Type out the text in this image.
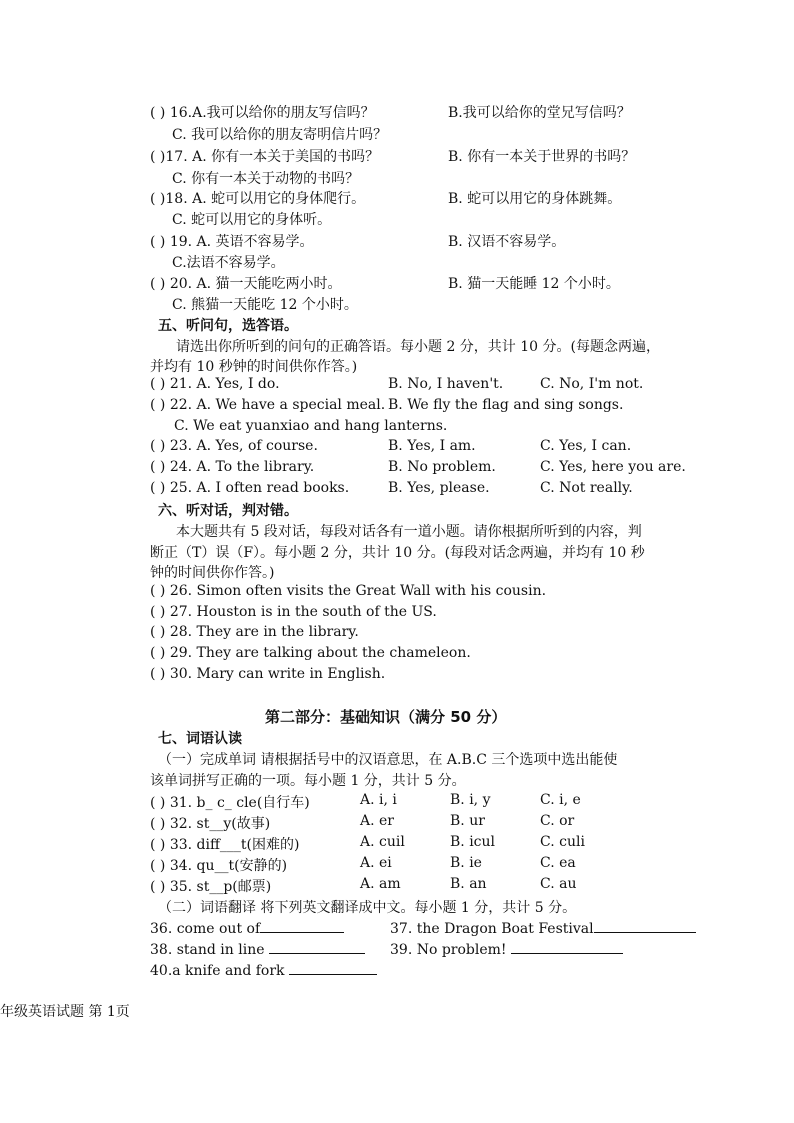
( ) 16.A.我可以给你的朋友写信吗？	B.我可以给你的堂兄写信吗？
C. 我可以给你的朋友寄明信片吗？
( )17. A. 你有一本关于美国的书吗？	B. 你有一本关于世界的书吗？
C. 你有一本关于动物的书吗？
( )18. A. 蛇可以用它的身体爬行。	B. 蛇可以用它的身体跳舞。
C. 蛇可以用它的身体听。
( ) 19. A. 英语不容易学。	B. 汉语不容易学。
C.法语不容易学。
( ) 20. A. 猫一天能吃两小时。	B. 猫一天能睡 12 个小时。
C. 熊猫一天能吃 12 个小时。
五、听问句，选答语。
请选出你所听到的问句的正确答语。每小题 2 分，共计 10 分。(每题念两遍，
并均有 10 秒钟的时间供你作答。)
( ) 21. A. Yes, I do.	B. No, I haven't.	C. No, I'm not.
( ) 22. A. We have a special meal. B. We fly the flag and sing songs.
C. We eat yuanxiao and hang lanterns.
( ) 23. A. Yes, of course.	B. Yes, I am.	C. Yes, I can.
( ) 24. A. To the library.	B. No problem.	C. Yes, here you are.
( ) 25. A. I often read books.	B. Yes, please.	C. Not really.
六、听对话，判对错。
本大题共有 5 段对话，每段对话各有一道小题。请你根据所听到的内容，判
断正（T）误（F）。每小题 2 分，共计 10 分。(每段对话念两遍，并均有 10 秒
钟的时间供你作答。)
( ) 26. Simon often visits the Great Wall with his cousin.
( ) 27. Houston is in the south of the US.
( ) 28. They are in the library.
( ) 29. They are talking about the chameleon.
( ) 30. Mary can write in English.
第二部分：基础知识（满分 50 分）
七、词语认读
（一）完成单词 请根据括号中的汉语意思，在 A.B.C 三个选项中选出能使
该单词拼写正确的一项。每小题 1 分，共计 5 分。
( ) 31. b_ c_ cle(自行车)	A. i, i	B. i, y	C. i, e
( ) 32. st__y(故事)	A. er	B. ur	C. or
( ) 33. diff___t(困难的)	A. cuil	B. icul	C. culi
( ) 34. qu__t(安静的)	A. ei	B. ie	C. ea
( ) 35. st__p(邮票)	A. am	B. an	C. au
（二）词语翻译 将下列英文翻译成中文。每小题 1 分，共计 5 分。
36. come out of	37. the Dragon Boat Festival
38. stand in line	39. No problem!
40.a knife and fork
年级英语试题 第 1页
